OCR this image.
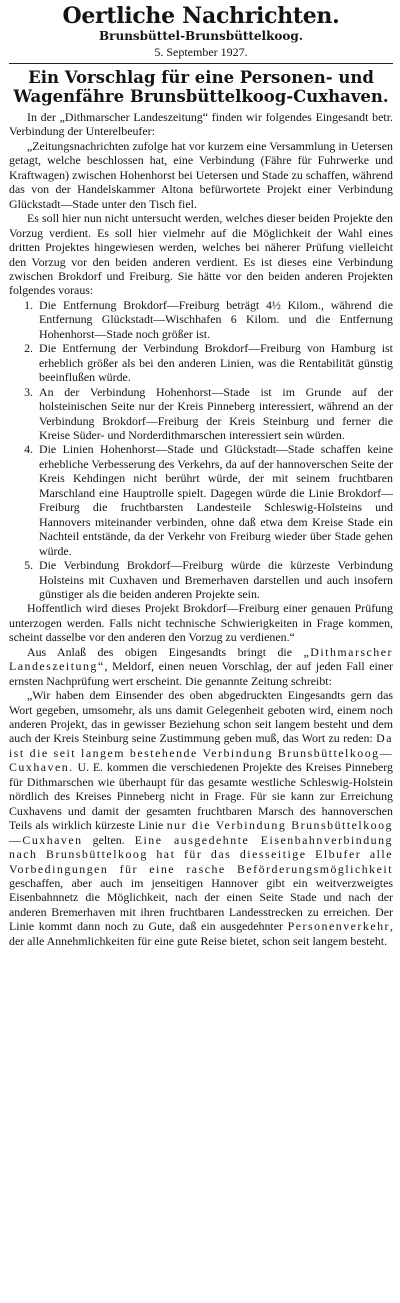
Oertliche Nachrichten.
Brunsbüttel-Brunsbüttelkoog.
5. September 1927.
Ein Vorschlag für eine Personen- und Wagenfähre Brunsbüttelkoog-Cuxhaven.

In der „Dithmarscher Landeszeitung“ finden wir folgendes Eingesandt betr. Verbindung der Unterelbeufer:

„Zeitungsnachrichten zufolge hat vor kurzem eine Versammlung in Uetersen getagt, welche beschlossen hat, eine Verbindung (Fähre für Fuhrwerke und Kraftwagen) zwischen Hohenhorst bei Uetersen und Stade zu schaffen, während das von der Handelskammer Altona befürwortete Projekt einer Verbindung Glückstadt—Stade unter den Tisch fiel.

Es soll hier nun nicht untersucht werden, welches dieser beiden Projekte den Vorzug verdient. Es soll hier vielmehr auf die Möglichkeit der Wahl eines dritten Projektes hingewiesen werden, welches bei näherer Prüfung vielleicht den Vorzug vor den beiden anderen verdient. Es ist dieses eine Verbindung zwischen Brokdorf und Freiburg. Sie hätte vor den beiden anderen Projekten folgendes voraus:

1. Die Entfernung Brokdorf—Freiburg beträgt 4½ Kilom., während die Entfernung Glückstadt—Wischhafen 6 Kilom. und die Entfernung Hohenhorst—Stade noch größer ist.
2. Die Entfernung der Verbindung Brokdorf—Freiburg von Hamburg ist erheblich größer als bei den anderen Linien, was die Rentabilität günstig beeinflußen würde.
3. An der Verbindung Hohenhorst—Stade ist im Grunde auf der holsteinischen Seite nur der Kreis Pinneberg interessiert, während an der Verbindung Brokdorf—Freiburg der Kreis Steinburg und ferner die Kreise Süder- und Norderdithmarschen interessiert sein würden.
4. Die Linien Hohenhorst—Stade und Glückstadt—Stade schaffen keine erhebliche Verbesserung des Verkehrs, da auf der hannoverschen Seite der Kreis Kehdingen nicht berührt würde, der mit seinem fruchtbaren Marschland eine Hauptrolle spielt. Dagegen würde die Linie Brokdorf—Freiburg die fruchtbarsten Landesteile Schleswig-Holsteins und Hannovers miteinander verbinden, ohne daß etwa dem Kreise Stade ein Nachteil entstände, da der Verkehr von Freiburg wieder über Stade gehen würde.
5. Die Verbindung Brokdorf—Freiburg würde die kürzeste Verbindung Holsteins mit Cuxhaven und Bremerhaven darstellen und auch insofern günstiger als die beiden anderen Projekte sein.

Hoffentlich wird dieses Projekt Brokdorf—Freiburg einer genauen Prüfung unterzogen werden. Falls nicht technische Schwierigkeiten in Frage kommen, scheint dasselbe vor den anderen den Vorzug zu verdienen.“

Aus Anlaß des obigen Eingesandts bringt die „Dithmarscher Landeszeitung“, Meldorf, einen neuen Vorschlag, der auf jeden Fall einer ernsten Nachprüfung wert erscheint. Die genannte Zeitung schreibt:

„Wir haben dem Einsender des oben abgedruckten Eingesandts gern das Wort gegeben, umsomehr, als uns damit Gelegenheit geboten wird, einem noch anderen Projekt, das in gewisser Beziehung schon seit langem besteht und dem auch der Kreis Steinburg seine Zustimmung geben muß, das Wort zu reden: Da ist die seit langem bestehende Verbindung Brunsbüttelkoog—Cuxhaven. U. E. kommen die verschiedenen Projekte des Kreises Pinneberg für Dithmarschen wie überhaupt für das gesamte westliche Schleswig-Holstein nördlich des Kreises Pinneberg nicht in Frage. Für sie kann zur Erreichung Cuxhavens und damit der gesamten fruchtbaren Marsch des hannoverschen Teils als wirklich kürzeste Linie nur die Verbindung Brunsbüttelkoog—Cuxhaven gelten. Eine ausgedehnte Eisenbahnverbindung nach Brunsbüttelkoog hat für das diesseitige Elbufer alle Vorbedingungen für eine rasche Beförderungsmöglichkeit geschaffen, aber auch im jenseitigen Hannover gibt ein weitverzweigtes Eisenbahnnetz die Möglichkeit, nach der einen Seite Stade und nach der anderen Bremerhaven mit ihren fruchtbaren Landesstrecken zu erreichen. Der Linie kommt dann noch zu Gute, daß ein ausgedehnter Personenverkehr, der alle Annehmlichkeiten für eine gute Reise bietet, schon seit langem besteht.
